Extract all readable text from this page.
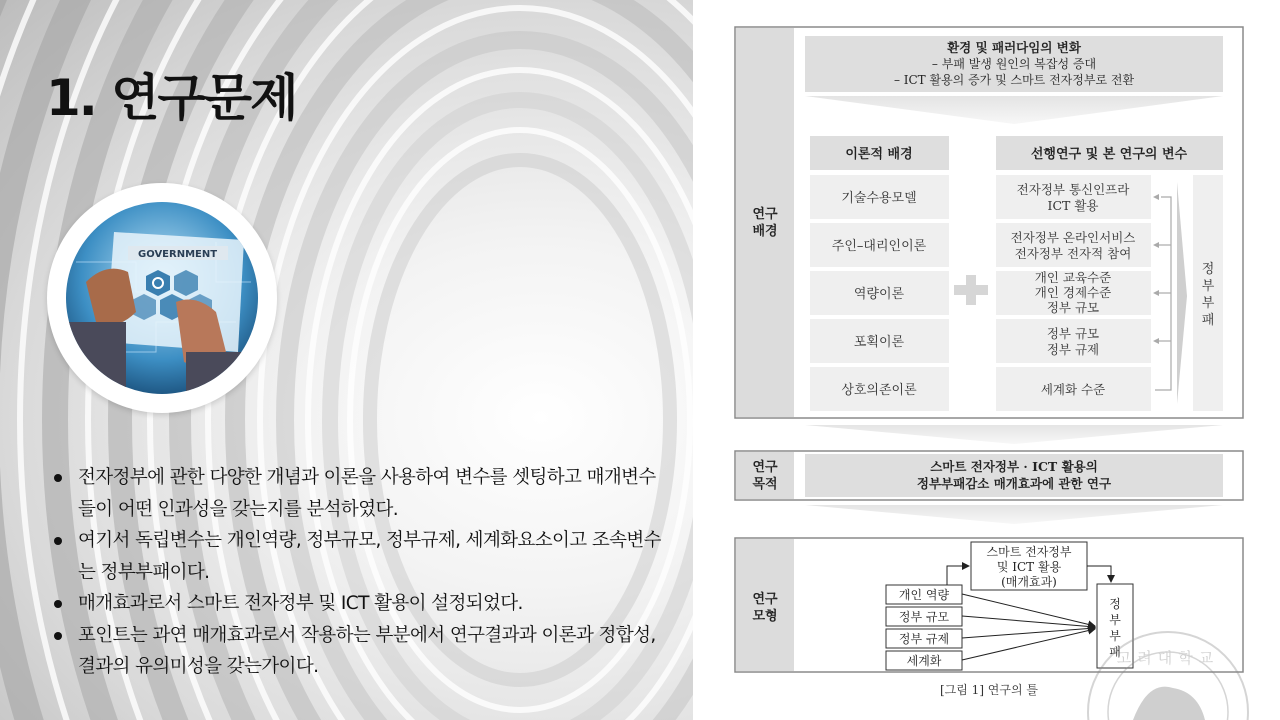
1. 연구문제
GOVERNMENT
전자정부에 관한 다양한 개념과 이론을 사용하여 변수를 셋팅하고 매개변수들이 어떤 인과성을 갖는지를 분석하였다.
여기서 독립변수는 개인역량, 정부규모, 정부규제, 세계화요소이고 조속변수는 정부부패이다.
매개효과로서 스마트 전자정부 및 ICT 활용이 설정되었다.
포인트는 과연 매개효과로서 작용하는 부분에서 연구결과과 이론과 정합성, 결과의 유의미성을 갖는가이다.
연구
배경
환경 및 패러다임의 변화
– 부패 발생 원인의 복잡성 증대
– ICT 활용의 증가 및 스마트 전자정부로 전환
이론적 배경	선행연구 및 본 연구의 변수
기술수용모델
주인–대리인이론
역량이론
포획이론
상호의존이론
전자정부 통신인프라
ICT 활용
전자정부 온라인서비스
전자정부 전자적 참여
개인 교육수준
개인 경제수준
정부 규모
정부 규모
정부 규제
세계화 수준
정
부
부
패
연구
목적
스마트 전자정부 · ICT 활용의
정부부패감소 매개효과에 관한 연구
연구
모형
스마트 전자정부
및 ICT 활용
(매개효과)
개인 역량
정부 규모
정부 규제
세계화
정
부
부
패
[그림 1] 연구의 틀
고려대학교
